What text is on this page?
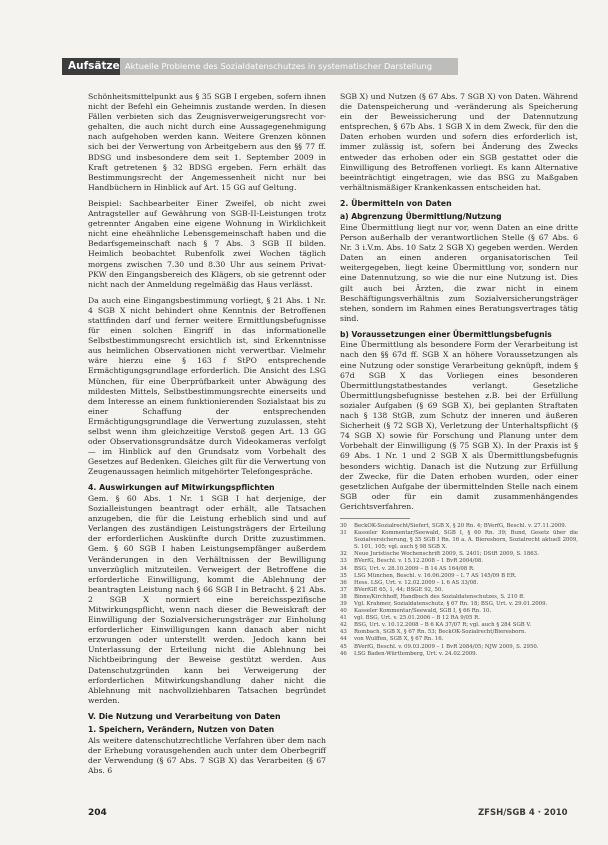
Aufsätze Aktuelle Probleme des Sozialdatenschutzes in systematischer Darstellung
Schönheitsmittelpunkt aus § 35 SGB I ergeben, sofern ihnen nicht der Befehl ein Geheimnis zustande werden. In diesen Fällen verbieten sich das Zeugnisverweigerungsrecht vor- gehalten, die auch nicht durch eine Aussagegenehmigung nach aufgehoben werden kann. Weitere Grenzen können sich bei der Verwertung von Arbeitgebern aus den §§ 77 ff. BDSG und insbesondere dem seit 1. September 2009 in Kraft getretenen § 32 BDSG ergeben. Fern erhält das Bestimmungsrecht der Angemessenheit nicht nur bei Handbüchern in Hinblick auf Art. 15 GG auf Geltung.
Beispiel: Sachbearbeiter Einer Zweifel, ob nicht zwei Antragsteller auf Gewährung von SGB-II-Leistungen trotz getrennter Angaben eine eigene Wohnung in Wirklichkeit nicht eine eheähnliche Lebensgemeinschaft haben und die Bedarfsgemeinschaft nach § 7 Abs. 3 SGB II bilden. Heimlich beobachtet Rubenfolk zwei Wochen täglich morgens zwischen 7.30 und 8.30 Uhr aus seinem Privat-PKW den Eingangsbereich des Klägers, ob sie getrennt oder nicht nach der Anmeldung regelmäßig das Haus verlässt.
Da auch eine Eingangsbestimmung vorliegt, § 21 Abs. 1 Nr. 4 SGB X nicht behindert ohne Kenntnis der Betroffenen stattfinden darf und ferner weitere Ermittlungsbefugnisse für einen solchen Eingriff in das informationelle Selbstbestimmungsrecht ersichtlich ist, sind Erkenntnisse aus heimlichen Observationen nicht verwertbar. Vielmehr wäre hierzu eine § 163 f StPO entsprechende Ermächtigungsgrundlage erforderlich. Die Ansicht des LSG München, für eine Überprüfbarkeit unter Abwägung des mildesten Mittels, Selbstbestimmungsrechte einerseits und dem Interesse an einem funktionierenden Sozialstaat bis zu einer Schaffung der entsprechenden Ermächtigungsgrundlage die Verwertung zuzulassen, steht selbst wenn ihm gleichzeitige Verstoß gegen Art. 13 GG oder Observationsgrundsätze durch Videokameras verfolgt — im Hinblick auf den Grundsatz vom Vorbehalt des Gesetzes auf Bedenken. Gleiches gilt für die Verwertung von Zeugenaussagen heimlich mitgehörter Telefongespräche.
4. Auswirkungen auf Mitwirkungspflichten
Gem. § 60 Abs. 1 Nr. 1 SGB I hat derjenige, der Sozialleistungen beantragt oder erhält, alle Tatsachen anzugeben, die für die Leistung erheblich sind und auf Verlangen des zuständigen Leistungsträgers der Erteilung der erforderlichen Auskünfte durch Dritte zuzustimmen. Gem. § 60 SGB I haben Leistungsempfänger außerdem Veränderungen in den Verhältnissen der Bewilligung unverzüglich mitzuteilen. Verweigert der Betroffene die erforderliche Einwilligung, kommt die Ablehnung der beantragten Leistung nach § 66 SGB I in Betracht. § 21 Abs. 2 SGB X normiert eine bereichsspezifische Mitwirkungspflicht, wenn nach dieser die Beweiskraft der Einwilligung der Sozialversicherungsträger zur Einholung erforderlicher Einwilligungen kann danach aber nicht erzwungen oder unterstellt werden. Jedoch kann bei Unterlassung der Erteilung nicht die Ablehnung bei Nichtbeibringung der Beweise gestützt werden. Aus Datenschutzgründen kann bei Verweigerung der erforderlichen Mitwirkungshandlung daher nicht die Ablehnung mit nachvollziehbaren Tatsachen begründet werden.
V. Die Nutzung und Verarbeitung von Daten
1. Speichern, Verändern, Nutzen von Daten
Als weitere datenschutzrechtliche Verfahren über dem nach der Erhebung vorausgehenden auch unter dem Oberbegriff der Verwendung (§ 67 Abs. 7 SGB X) das Verarbeiten (§ 67 Abs. 6
SGB X) und Nutzen (§ 67 Abs. 7 SGB X) von Daten. Während die Datenspeicherung und -veränderung als Speicherung ein der Beweissicherung und der Datennutzung entsprechen, § 67b Abs. 1 SGB X in dem Zweck, für den die Daten erhoben wurden und sofern dies erforderlich ist, immer zulässig ist, sofern bei Änderung des Zwecks entweder das erhoben oder ein SGB gestattet oder die Einwilligung des Betroffenen vorliegt. Es kann Alternative beeinträchtigt eingetragen, wie das BSG zu Maßgaben verhältnismäßiger Krankenkassen entscheiden hat.
2. Übermitteln von Daten
a) Abgrenzung Übermittlung/Nutzung
Eine Übermittlung liegt nur vor, wenn Daten an eine dritte Person außerhalb der verantwortlichen Stelle (§ 67 Abs. 6 Nr. 3 i.V.m. Abs. 10 Satz 2 SGB X) gegeben werden. Werden Daten an einen anderen organisatorischen Teil weitergegeben, liegt keine Übermittlung vor, sondern nur eine Datennutzung, so wie die nur eine Nutzung ist. Dies gilt auch bei Ärzten, die zwar nicht in einem Beschäftigungsverhältnis zum Sozialversicherungsträger stehen, sondern im Rahmen eines Beratungsvertrages tätig sind.
b) Voraussetzungen einer Übermittlungsbefugnis
Eine Übermittlung als besondere Form der Verarbeitung ist nach den §§ 67d ff. SGB X an höhere Voraussetzungen als eine Nutzung oder sonstige Verarbeitung geknüpft, indem § 67d SGB X das Vorliegen eines besonderen Übermittlungstatbestandes verlangt. Gesetzliche Übermittlungsbefugnisse bestehen z.B. bei der Erfüllung sozialer Aufgaben (§ 69 SGB X), bei geplanten Straftaten nach § 138 StGB, zum Schutz der inneren und äußeren Sicherheit (§ 72 SGB X), Verletzung der Unterhaltspflicht (§ 74 SGB X) sowie für Forschung und Planung unter dem Vorbehalt der Einwilligung (§ 75 SGB X). In der Praxis ist § 69 Abs. 1 Nr. 1 und 2 SGB X als Übermittlungsbefugnis besonders wichtig. Danach ist die Nutzung zur Erfüllung der Zwecke, für die Daten erhoben wurden, oder einer gesetzlichen Aufgabe der übermittelnden Stelle nach einem SGB oder für ein damit zusammenhängendes Gerichtsverfahren.
30	BeckOK-Sozialrecht/Siefert, SGB X, § 20 Rn. 4; BVerfG, Beschl. v. 27.11.2009.
31	Kasseler Kommentar/Seewald, SGB I, § 60 Rn. 39; Bund, Gesetz über die Sozialversicherung, § 35 SGB I Rn. 16 a. A. Bieresborn, Sozialrecht aktuell 2009, S. 101, 105; vgl. auch § 98 SGB X.
32	Neue Juristische Wochenschrift 2009, S. 2401; DStR 2009, S. 1863.
33	BVerfG, Beschl. v. 15.12.2008 – 1 BvR 2004/08.
34	BSG, Urt. v. 28.10.2009 – B 14 AS 164/08 R.
35	LSG München, Beschl. v. 16.06.2009 – L 7 AS 145/09 B ER.
36	Hess. LSG, Urt. v. 12.02.2009 – L 6 AS 33/08.
37	BVerfGE 65, 1, 44; BSGE 92, 50.
38	Binne/Kirchhoff, Handbuch des Sozialdatenschutzes, S. 210 ff.
39	Vgl. Krahmer, Sozialdatenschutz, § 67 Rn. 18; BSG, Urt. v. 29.01.2009.
40	Kasseler Kommentar/Seewald, SGB I, § 66 Rn. 10.
41	vgl. BSG, Urt. v. 25.01.2006 – B 12 RA 9/05 R.
42	BSG, Urt. v. 10.12.2008 – B 6 KA 37/07 R; vgl. auch § 284 SGB V.
43	Rombach, SGB X, § 67 Rn. 53; BeckOK-Sozialrecht/Bieresborn.
44	von Wulffen, SGB X, § 67 Rn. 16.
45	BVerfG, Beschl. v. 09.03.2009 – 1 BvR 2084/05; NJW 2009, S. 2950.
46	LSG Baden-Württemberg, Urt. v. 24.02.2009.
204	ZFSH/SGB 4 · 2010
